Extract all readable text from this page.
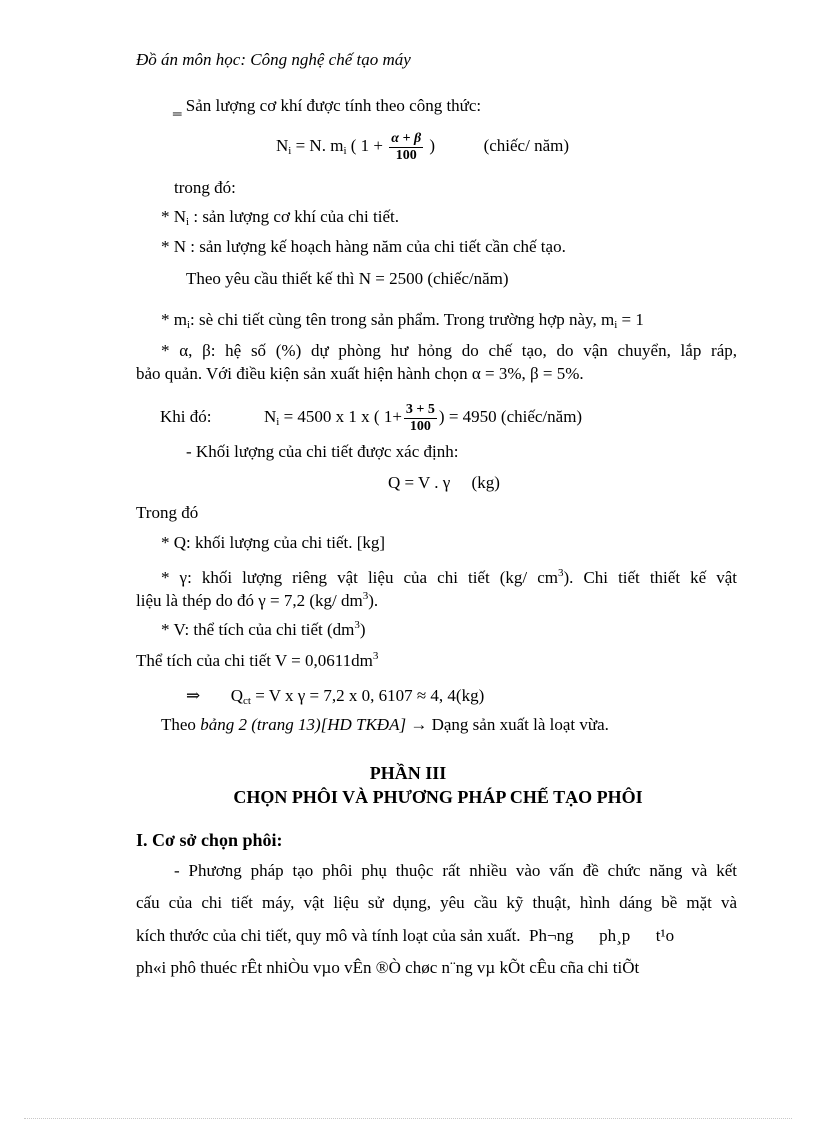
Đồ án môn học: Công nghệ chế tạo máy
‗ Sản lượng cơ khí được tính theo công thức:
$N_i = N$. $m_i$ ( $1 + \frac{\alpha + \beta}{100}$ )	(chiếc/ năm)
trong đó:
* $N_i$ : sản lượng cơ khí của chi tiết.
* N : sản lượng kế hoạch hàng năm của chi tiết cần chế tạo.
Theo yêu cầu thiết kế thì N = 2500 (chiếc/năm)
* $m_i$: sè chi tiết cùng tên trong sản phẩm. Trong trường hợp này, $m_i = 1$
* α, β: hệ số (%) dự phòng hư hỏng do chế tạo, do vận chuyển, lắp ráp,
bảo quản. Với điều kiện sản xuất hiện hành chọn α = 3%, β = 5%.
Khi đó:	$N_i = 4500$ x 1 x ( $1+ \frac{3 + 5}{100}$ ) = 4950 (chiếc/năm)
- Khối lượng của chi tiết được xác định:
Q = V . γ     (kg)
Trong đó
* Q: khối lượng của chi tiết. [kg]
* γ: khối lượng riêng vật liệu của chi tiết (kg/ $cm^3$). Chi tiết thiết kế vật
liệu là thép do đó γ = 7,2 (kg/ $dm^3$).
* V: thể tích của chi tiết $(dm^3)$
Thể tích của chi tiết $V = 0,0611dm^3$
⇒ $Q_{ct} = V$ x γ = 7,2 x 0, 6107 ≈ 4, 4(kg)
Theo bảng 2 (trang 13)[HD TKĐA] → Dạng sản xuất là loạt vừa.
PHẦN III
CHỌN PHÔI VÀ PHƯƠNG PHÁP CHẾ TẠO PHÔI
I. Cơ sở chọn phôi:
- Phương pháp tạo phôi phụ thuộc rất nhiều vào vấn đề chức năng và kết
cấu của chi tiết máy, vật liệu sử dụng, yêu cầu kỹ thuật, hình dáng bề mặt và
kích thước của chi tiết, quy mô và tính loạt của sản xuất.  Ph¬ng      ph¸p      t¹o
ph«i phô thuéc rÊt nhiÒu vµo vÊn ®Ò chøc n¨ng vµ kÕt cÊu cña chi tiÕt
